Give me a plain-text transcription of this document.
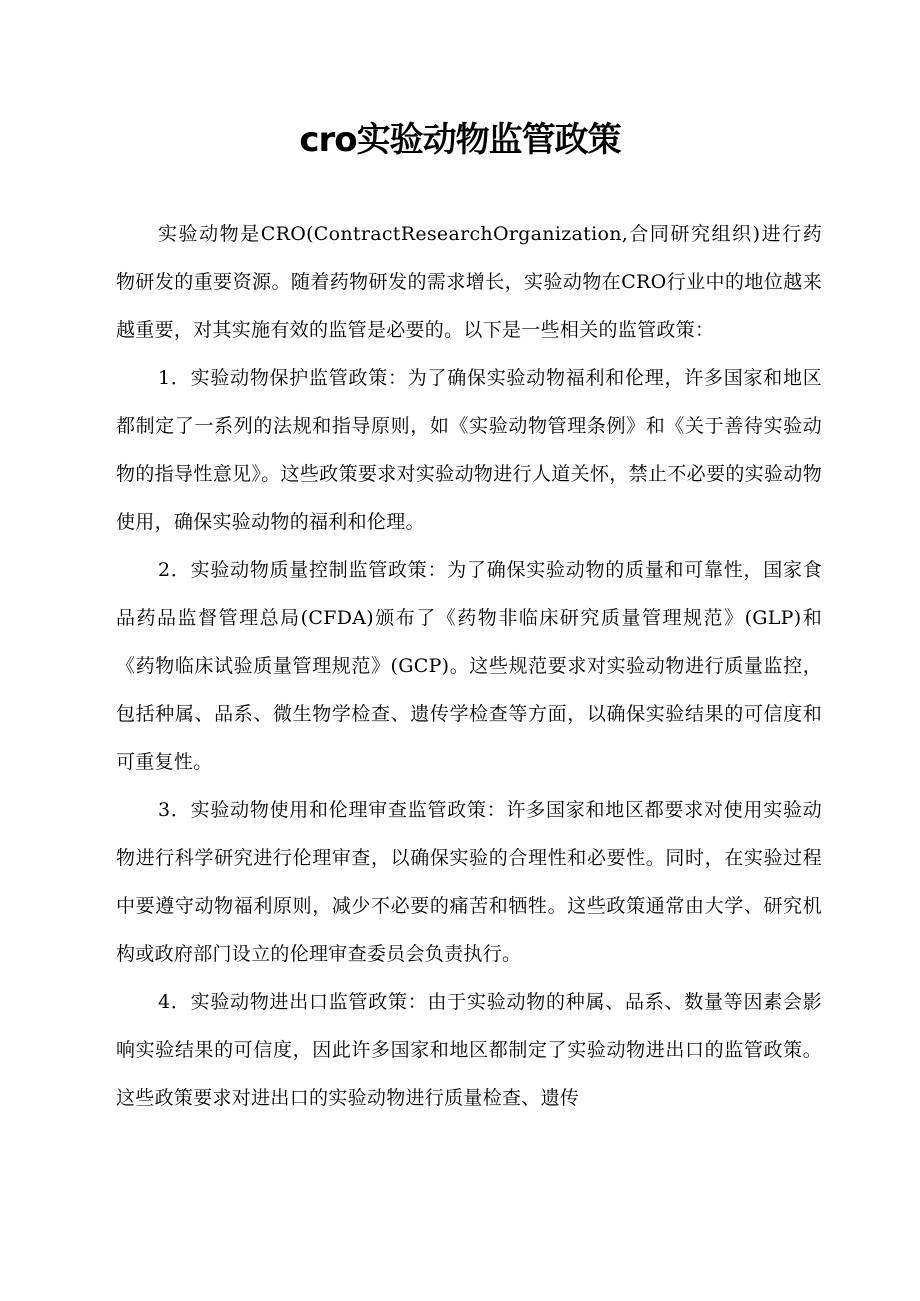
cro实验动物监管政策

实验动物是CRO(ContractResearchOrganization,合同研究组织)进行药物研发的重要资源。随着药物研发的需求增长，实验动物在CRO行业中的地位越来越重要，对其实施有效的监管是必要的。以下是一些相关的监管政策：

1．实验动物保护监管政策：为了确保实验动物福利和伦理，许多国家和地区都制定了一系列的法规和指导原则，如《实验动物管理条例》和《关于善待实验动物的指导性意见》。这些政策要求对实验动物进行人道关怀，禁止不必要的实验动物使用，确保实验动物的福利和伦理。

2．实验动物质量控制监管政策：为了确保实验动物的质量和可靠性，国家食品药品监督管理总局(CFDA)颁布了《药物非临床研究质量管理规范》(GLP)和《药物临床试验质量管理规范》(GCP)。这些规范要求对实验动物进行质量监控，包括种属、品系、微生物学检查、遗传学检查等方面，以确保实验结果的可信度和可重复性。

3．实验动物使用和伦理审查监管政策：许多国家和地区都要求对使用实验动物进行科学研究进行伦理审查，以确保实验的合理性和必要性。同时，在实验过程中要遵守动物福利原则，减少不必要的痛苦和牺牲。这些政策通常由大学、研究机构或政府部门设立的伦理审查委员会负责执行。

4．实验动物进出口监管政策：由于实验动物的种属、品系、数量等因素会影响实验结果的可信度，因此许多国家和地区都制定了实验动物进出口的监管政策。这些政策要求对进出口的实验动物进行质量检查、遗传
